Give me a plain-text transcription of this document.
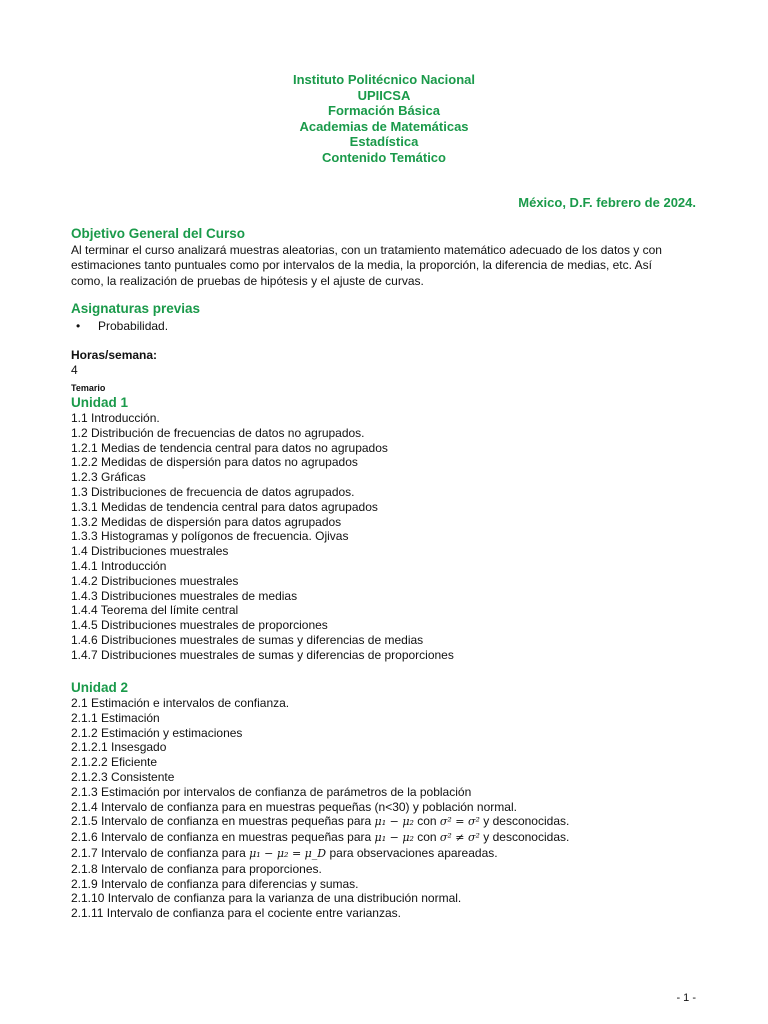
Instituto Politécnico Nacional
UPIICSA
Formación Básica
Academias de Matemáticas
Estadística
Contenido Temático
México, D.F. febrero de 2024.
Objetivo General del Curso
Al terminar el curso analizará muestras aleatorias, con un tratamiento matemático adecuado de los datos y con
estimaciones tanto puntuales como por intervalos de la media, la proporción, la diferencia de medias, etc. Así
como, la realización de pruebas de hipótesis y el ajuste de curvas.
Asignaturas previas
• Probabilidad.
Horas/semana:
4
Temario
Unidad 1
1.1 Introducción.
1.2 Distribución de frecuencias de datos no agrupados.
1.2.1 Medias de tendencia central para datos no agrupados
1.2.2 Medidas de dispersión para datos no agrupados
1.2.3 Gráficas
1.3 Distribuciones de frecuencia de datos agrupados.
1.3.1 Medidas de tendencia central para datos agrupados
1.3.2 Medidas de dispersión para datos agrupados
1.3.3 Histogramas y polígonos de frecuencia. Ojivas
1.4 Distribuciones muestrales
1.4.1 Introducción
1.4.2 Distribuciones muestrales
1.4.3 Distribuciones muestrales de medias
1.4.4 Teorema del límite central
1.4.5 Distribuciones muestrales de proporciones
1.4.6 Distribuciones muestrales de sumas y diferencias de medias
1.4.7 Distribuciones muestrales de sumas y diferencias de proporciones
Unidad 2
2.1 Estimación e intervalos de confianza.
2.1.1 Estimación
2.1.2 Estimación y estimaciones
2.1.2.1 Insesgado
2.1.2.2 Eficiente
2.1.2.3 Consistente
2.1.3 Estimación por intervalos de confianza de parámetros de la población
2.1.4 Intervalo de confianza para en muestras pequeñas (n<30) y población normal.
2.1.5 Intervalo de confianza en muestras pequeñas para μ₁ − μ₂ con σ² = σ² y desconocidas.
2.1.6 Intervalo de confianza en muestras pequeñas para μ₁ − μ₂ con σ² ≠ σ² y desconocidas.
2.1.7 Intervalo de confianza para μ₁ − μ₂ = μ_D para observaciones apareadas.
2.1.8 Intervalo de confianza para proporciones.
2.1.9 Intervalo de confianza para diferencias y sumas.
2.1.10 Intervalo de confianza para la varianza de una distribución normal.
2.1.11 Intervalo de confianza para el cociente entre varianzas.
- 1 -
